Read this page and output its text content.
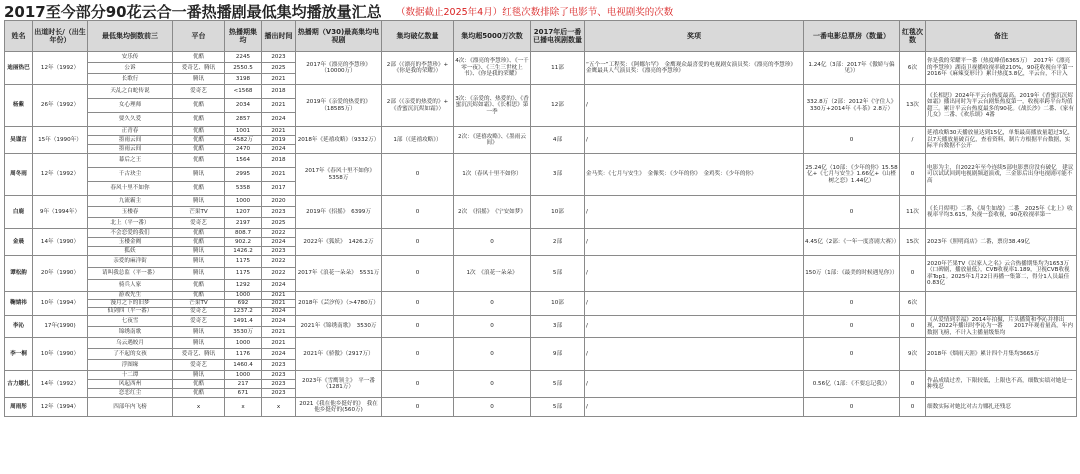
2017至今部分90花云合一番热播剧最低集均播放量汇总 （数据截止2025年4月）红毯次数排除了电影节、电视剧奖的次数
姓名	出道时长/（出生年份）	最低集均倒数前三	平台	热播期集均	播出时间	热播期（V30)最高集均电视剧	集均破亿数量	集均超5000万次数	2017年后一番已播电视剧数量	奖项	一番电影总票房（数量）	红毯次数	备注
迪丽热巴	12年（1992）	安乐传	优酷	2245	2023	2017年《漂亮的李慧珍》（10000万）	2部（《漂亮的李慧珍》+《你是我的荣耀》）	4次：《漂亮的李慧珍》、《一千零一夜》、《三生三世枕上书》、《你是我的荣耀》	11部	“五个一”工程奖：《阿娜尔罕》　金鹰观众最喜爱的电视剧女演员奖：《漂亮的李慧珍》　金鹰最具人气演员奖：《漂亮的李慧珍》	1.24亿（3部：2017年《傲娇与偏见》）	6次	你是我的荣耀平一番（热度峰值6365万）　2017年《漂亮的李慧珍》湖南卫视播收视率破210%，90花收视台平第一　2016年《麻辣变形计》累计热度3.8亿，平云台，不计入
		公诉	爱奇艺、腾讯	2550.5	2025								
		长歌行	腾讯	3198	2021								
杨紫	26年（1992）	天乩之白蛇传说	爱奇艺	<1568	2018	2019年《亲爱的热爱的》（18585万）	2部（《亲爱的热爱的》+《香蜜沉沉烬如霜》）	3次：《亲爱的、热爱的》、《香蜜沉沉烬如霜》、《长相思》第一季	12部	/	332.8万（2部：2012年《守住人》330万+2014年《斗茶》2.8万）	13次	《长相思》2024年平云台热度最高。2019年《香蜜沉沉烬如霜》播出同时为平云台剧集热度第一，收视率跨平台均值超三。累计平云台热度最多的90花。《战长沙》二番、《家有儿女》二番、《欢乐颂》4番
		女心理师	优酷	2034	2021								
		要久久爱	优酷	2857	2024								
吴谨言	15年（1990年）	正青春	优酷	1001	2021	2018年《延禧攻略》（9332万）	1部（《延禧攻略》）	2次：《延禧攻略》、《墨雨云间》	4部	/	0	/	延禧攻略30天播放量达到15亿，单集最高播放量超过3亿，以7天播放量破百亿，查看资料，制片方根据平台数据，实际平台数据不公开
		墨雨云间	优酷	4582万	2019								
		墨雨云间	优酷	2470	2024								
周冬雨	12年（1992）	幕后之王	优酷	1564	2018	2017年《春风十里不如你》　5358万	0	1次（春风十里不如你）	3部	金马奖：《七月与安生》　金像奖：《少年的你》　金鸡奖：《少年的你》	25.24亿（10部：《少年的你》15.58亿+《七月与安生》1.66亿+《山楂树之恋》1.44亿）	0	电影为主，自2022年至今连续5部电影票房没有破亿　建议可以试试回到电视剧频道演戏，三金影后出身电视剧可能不高
		千古玦尘	腾讯	2995	2021								
		春风十里不如你	优酷	5358	2017								
白鹿	9年（1994年）	九流霸主	腾讯	1000	2020	2019年《招摇》　6399万	0	2次　《招摇》　《宁安如梦》	10部	/	0	11次	《长月烬明》二番，《周生如故》二番　2025年《北上》收视率平均3.615，央视一套收视，90花收视率第一
		玉楼春	芒果TV	1207	2023								
		北上（平一番）	爱奇艺	2197	2025								
金晨	14年（1990）	不会恋爱的我们	优酷	808.7	2022	2022年《狐妖》　1426.2万	0	0	2部	/	4.45亿（2部：《一年一度喜剧大赛》）	15次	2023年《照明商店》二番，票房38.49亿
		玉楼金阙	优酷	902.2	2024								
		狐妖	腾讯	1426.2	2023								
谭松韵	20年（1990）	亲爱的麻洋街	腾讯	1175	2022	2017年《浪花一朵朵》　5531万	0	1次　《浪花一朵朵》	5部	/	150万（1部：《最美的时候遇见你》）	0	2020年芒果TV《以家人之名》云合热播期集均为1653万（口碑剧，播放量低），CVB收视率1.189，卫视CVB收视率Top1。2025年1月22日再播一集第二，得分1人员最佳0.83亿
		请叫我总监（平一番）	腾讯	1175	2022								
		骑兵人家	优酷	1292	2024								
鞠婧祎	10年（1994）	游戏先生	优酷	1000	2021	2018年《芸汐传》（>4780万）	0	0	10部	/	0	6次	
		漫月之下的旧梦	芒果TV	692	2021								
		仙剑四（平一番）	爱奇艺	1237.2	2024								
李沁	17年(1990)	七夜雪	爱奇艺	1491.4	2024	2021年《锦绣南歌》　3530万	0	0	3部	/	0	0	《从爱情到幸福》2014年拍摄，片头播简和李沁并排出现，2022年播出时李沁为一番　　2017年观看量高，年内数据飞榜，不计入主播量级集均
		锦绣南歌	腾讯	3530万	2021								
李一桐	10年（1990）	乌云遇皎月	腾讯	1000	2021	2021年《骄傲》（2917万）	0	0	9部	/	0	9次	2018年《烟雨天涯》累计四个月集均3665万
		了不起的女孩	爱奇艺、腾讯	1176	2024								
		浮图缘	爱奇艺	1460.4	2023								
古力娜扎	14年（1992）	十二谭	腾讯	1000	2023	2023年《雪鹰领主》　平一番（1281万）	0	0	5部	/	0.56亿（1部：《不要忘记我》）	0	作品成绩过差，下限较低，上限也不高，细数实绩对她是一种残忍
		风起西州	优酷	217	2023								
		恋恋红尘	优酷	671	2023								
周雨彤	12年（1994）	四部年内飞榜	x	x	x	2021《我在他乡挺好的》　我在他乡挺好的(560万)	0	0	5部	/	0	0	细数实际对她比对古力娜扎还残忍
